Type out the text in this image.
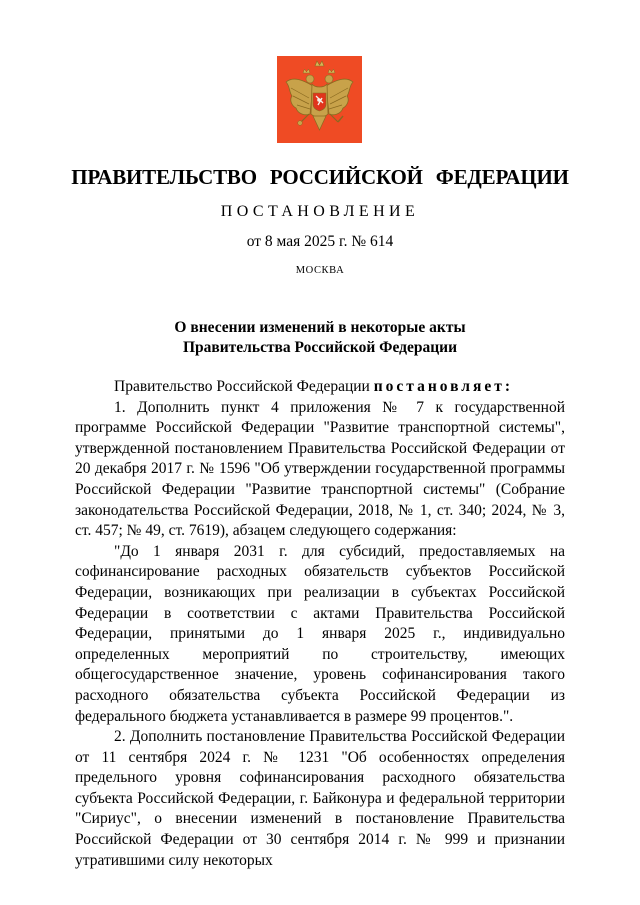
ПРАВИТЕЛЬСТВО РОССИЙСКОЙ ФЕДЕРАЦИИ
ПОСТАНОВЛЕНИЕ
от 8 мая 2025 г. № 614
МОСКВА
О внесении изменений в некоторые акты
Правительства Российской Федерации

Правительство Российской Федерации постановляет:

1. Дополнить пункт 4 приложения № 7 к государственной программе Российской Федерации "Развитие транспортной системы", утвержденной постановлением Правительства Российской Федерации от 20 декабря 2017 г. № 1596 "Об утверждении государственной программы Российской Федерации "Развитие транспортной системы" (Собрание законодательства Российской Федерации, 2018, № 1, ст. 340; 2024, № 3, ст. 457; № 49, ст. 7619), абзацем следующего содержания:

"До 1 января 2031 г. для субсидий, предоставляемых на софинансирование расходных обязательств субъектов Российской Федерации, возникающих при реализации в субъектах Российской Федерации в соответствии с актами Правительства Российской Федерации, принятыми до 1 января 2025 г., индивидуально определенных мероприятий по строительству, имеющих общегосударственное значение, уровень софинансирования такого расходного обязательства субъекта Российской Федерации из федерального бюджета устанавливается в размере 99 процентов.".

2. Дополнить постановление Правительства Российской Федерации от 11 сентября 2024 г. № 1231 "Об особенностях определения предельного уровня софинансирования расходного обязательства субъекта Российской Федерации, г. Байконура и федеральной территории "Сириус", о внесении изменений в постановление Правительства Российской Федерации от 30 сентября 2014 г. № 999 и признании утратившими силу некоторых
